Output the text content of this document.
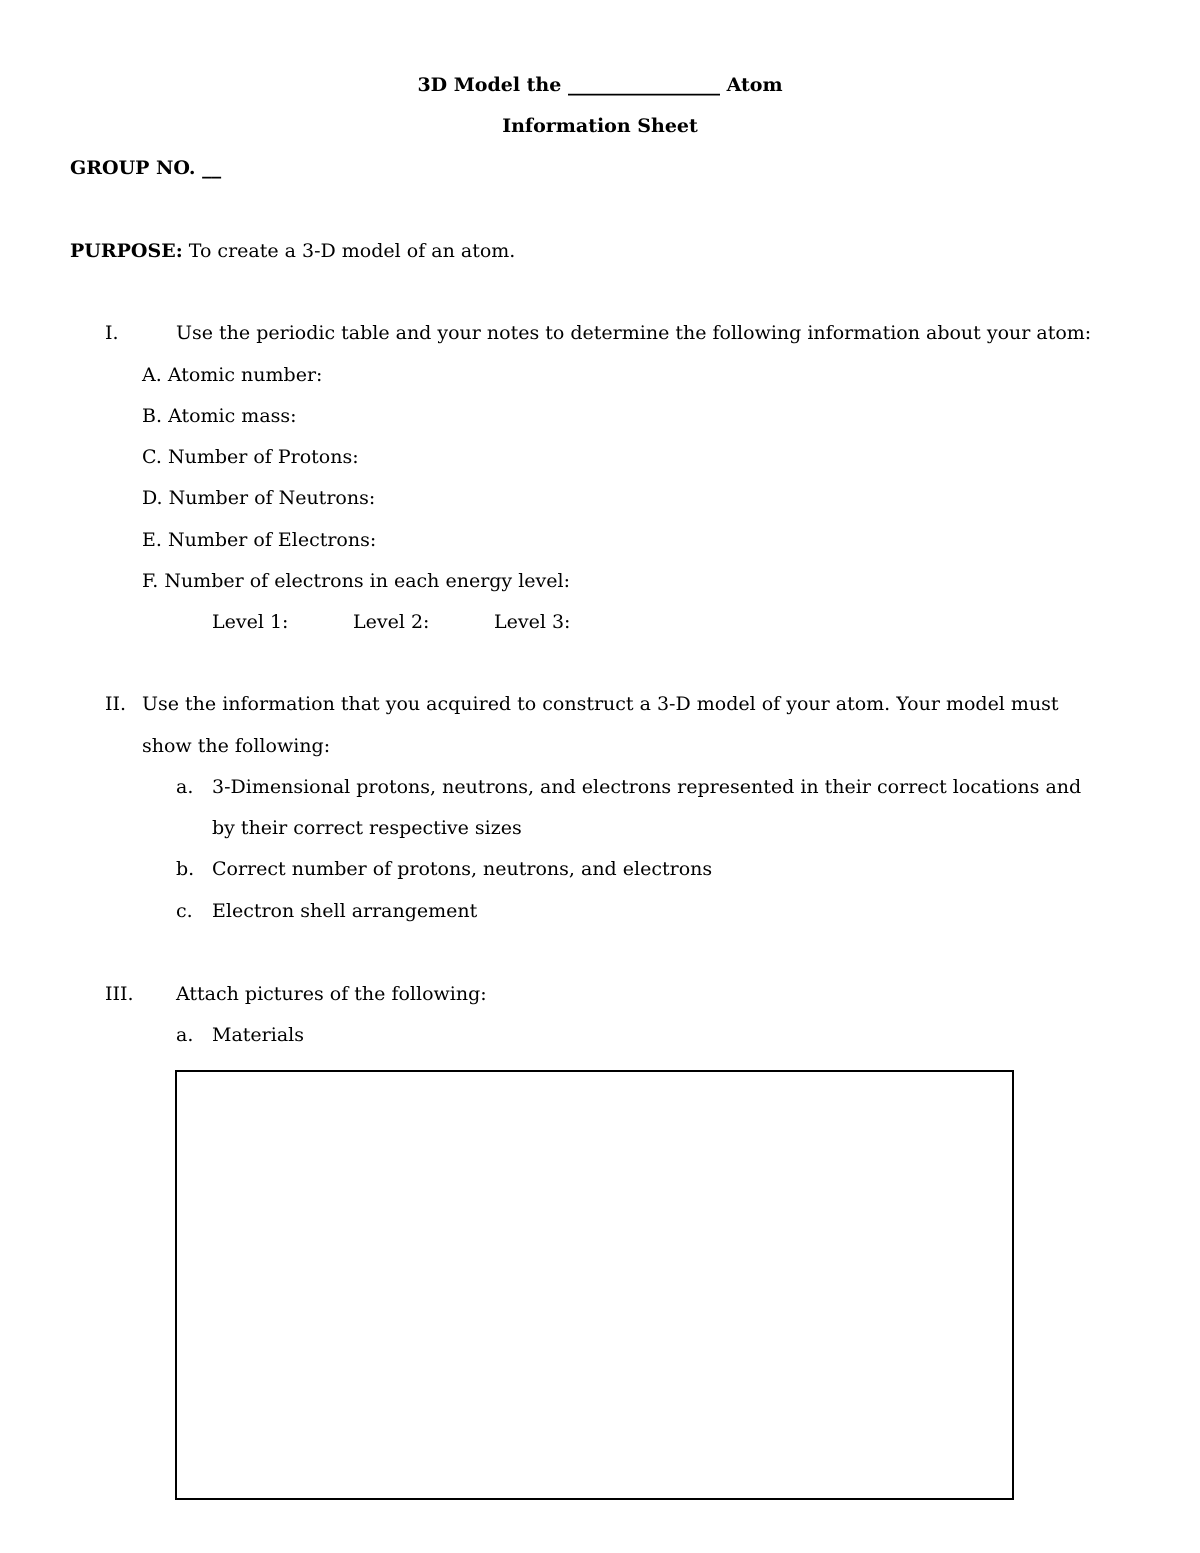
3D Model the ________________ Atom
Information Sheet
GROUP NO. __
PURPOSE: To create a 3-D model of an atom.
I.	Use the periodic table and your notes to determine the following information about your atom:
A. Atomic number:
B. Atomic mass:
C. Number of Protons:
D. Number of Neutrons:
E. Number of Electrons:
F. Number of electrons in each energy level:
Level 1:	Level 2:	Level 3:
II. Use the information that you acquired to construct a 3-D model of your atom. Your model must
show the following:
a. 3-Dimensional protons, neutrons, and electrons represented in their correct locations and
by their correct respective sizes
b. Correct number of protons, neutrons, and electrons
c. Electron shell arrangement
III. Attach pictures of the following:
a. Materials
